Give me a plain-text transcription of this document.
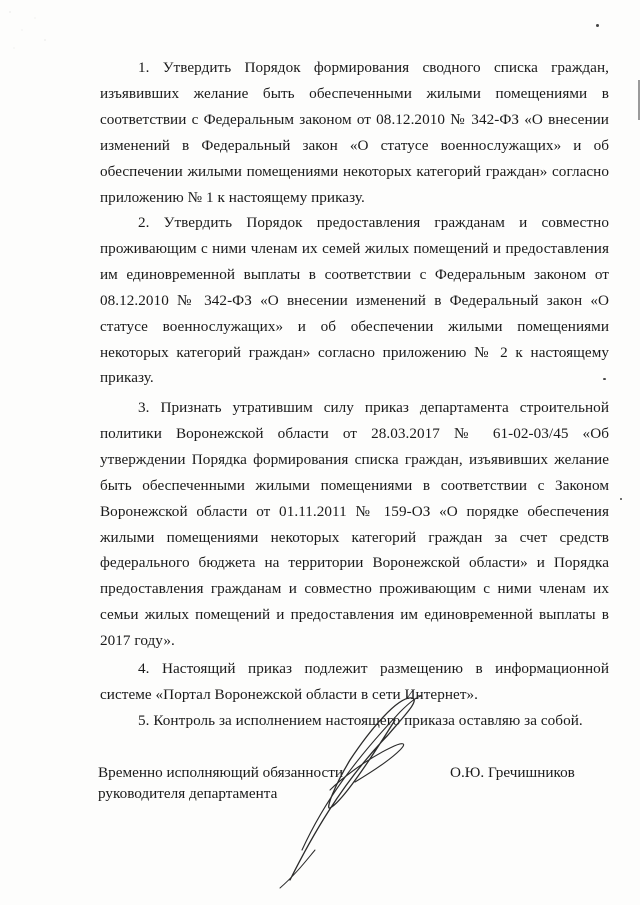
1. Утвердить Порядок формирования сводного списка граждан, изъявивших желание быть обеспеченными жилыми помещениями в соответствии с Федеральным законом от 08.12.2010 № 342-ФЗ «О внесении изменений в Федеральный закон «О статусе военнослужащих» и об обеспечении жилыми помещениями некоторых категорий граждан» согласно приложению № 1 к настоящему приказу.

2. Утвердить Порядок предоставления гражданам и совместно проживающим с ними членам их семей жилых помещений и предоставления им единовременной выплаты в соответствии с Федеральным законом от 08.12.2010 № 342-ФЗ «О внесении изменений в Федеральный закон «О статусе военнослужащих» и об обеспечении жилыми помещениями некоторых категорий граждан» согласно приложению № 2 к настоящему приказу.

3. Признать утратившим силу приказ департамента строительной политики Воронежской области от 28.03.2017 № 61-02-03/45 «Об утверждении Порядка формирования списка граждан, изъявивших желание быть обеспеченными жилыми помещениями в соответствии с Законом Воронежской области от 01.11.2011 № 159-ОЗ «О порядке обеспечения жилыми помещениями некоторых категорий граждан за счет средств федерального бюджета на территории Воронежской области» и Порядка предоставления гражданам и совместно проживающим с ними членам их семьи жилых помещений и предоставления им единовременной выплаты в 2017 году».

4. Настоящий приказ подлежит размещению в информационной системе «Портал Воронежской области в сети Интернет».

5. Контроль за исполнением настоящего приказа оставляю за собой.

Временно исполняющий обязанности
руководителя департамента
О.Ю. Гречишников
